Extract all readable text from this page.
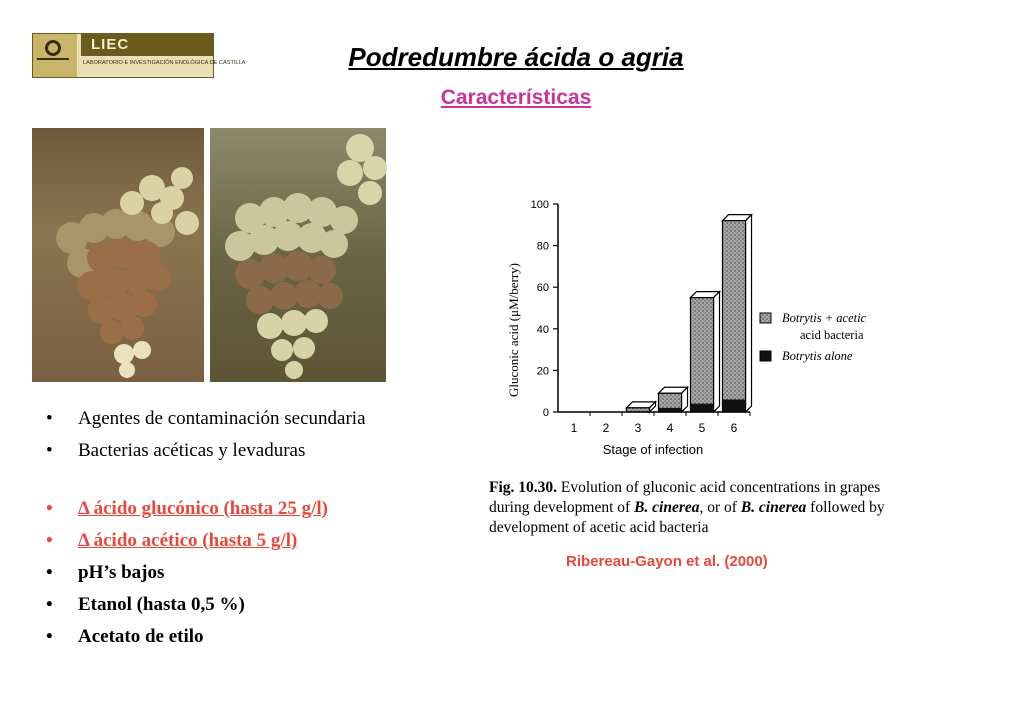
LIEC
LABORATORIO E INVESTIGACIÓN ENOLÓGICA DE CASTILLA	Podredumbre ácida o agria
Características
• Agentes de contaminación secundaria
• Bacterias acéticas y levaduras
• Δ ácido glucónico (hasta 25 g/l)
• Δ ácido acético (hasta 5 g/l)
• pH’s bajos
• Etanol (hasta 0,5 %)
• Acetato de etilo
Gluconic acid (μM/berry)
0
20
40
60
80
100
1 2 3 4 5 6
Stage of infection
Botrytis + acetic
acid bacteria
Botrytis alone
Fig. 10.30. Evolution of gluconic acid concentrations in grapes during development of B. cinerea, or of B. cinerea followed by development of acetic acid bacteria
Ribereau-Gayon et al. (2000)
